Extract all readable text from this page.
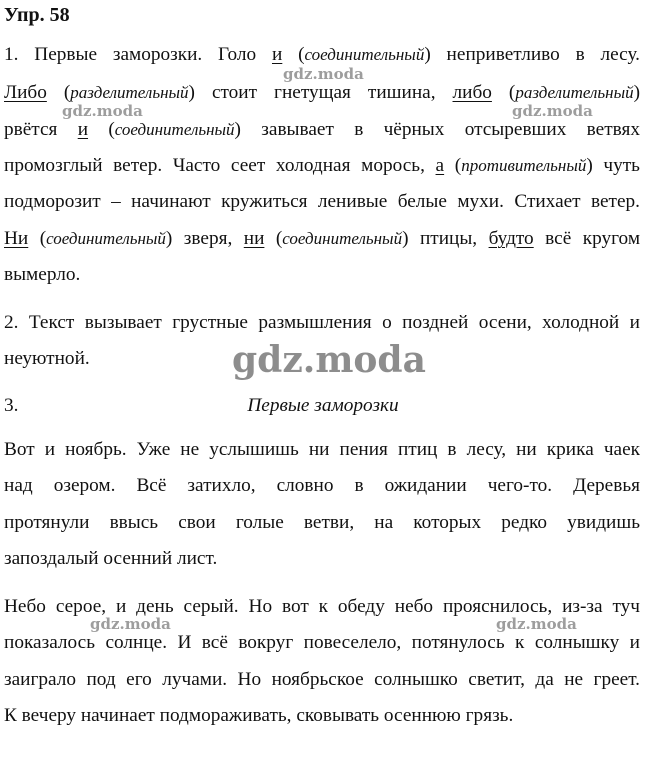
Упр. 58
1. Первые заморозки. Голо и (соединительный) неприветливо в лесу.
Либо (разделительный) стоит гнетущая тишина, либо (разделительный)
рвётся и (соединительный) завывает в чёрных отсыревших ветвях
промозглый ветер. Часто сеет холодная морось, а (противительный) чуть
подморозит – начинают кружиться ленивые белые мухи. Стихает ветер.
Ни (соединительный) зверя, ни (соединительный) птицы, будто всё кругом
вымерло.
2. Текст вызывает грустные размышления о поздней осени, холодной и
неуютной.
3.	Первые заморозки
Вот и ноябрь. Уже не услышишь ни пения птиц в лесу, ни крика чаек
над озером. Всё затихло, словно в ожидании чего-то. Деревья
протянули ввысь свои голые ветви, на которых редко увидишь
запоздалый осенний лист.
Небо серое, и день серый. Но вот к обеду небо прояснилось, из-за туч
показалось солнце. И всё вокруг повеселело, потянулось к солнышку и
заиграло под его лучами. Но ноябрьское солнышко светит, да не греет.
К вечеру начинает подмораживать, сковывать осеннюю грязь.
gdz.moda
gdz.moda	gdz.moda
gdz.moda
gdz.moda	gdz.moda
